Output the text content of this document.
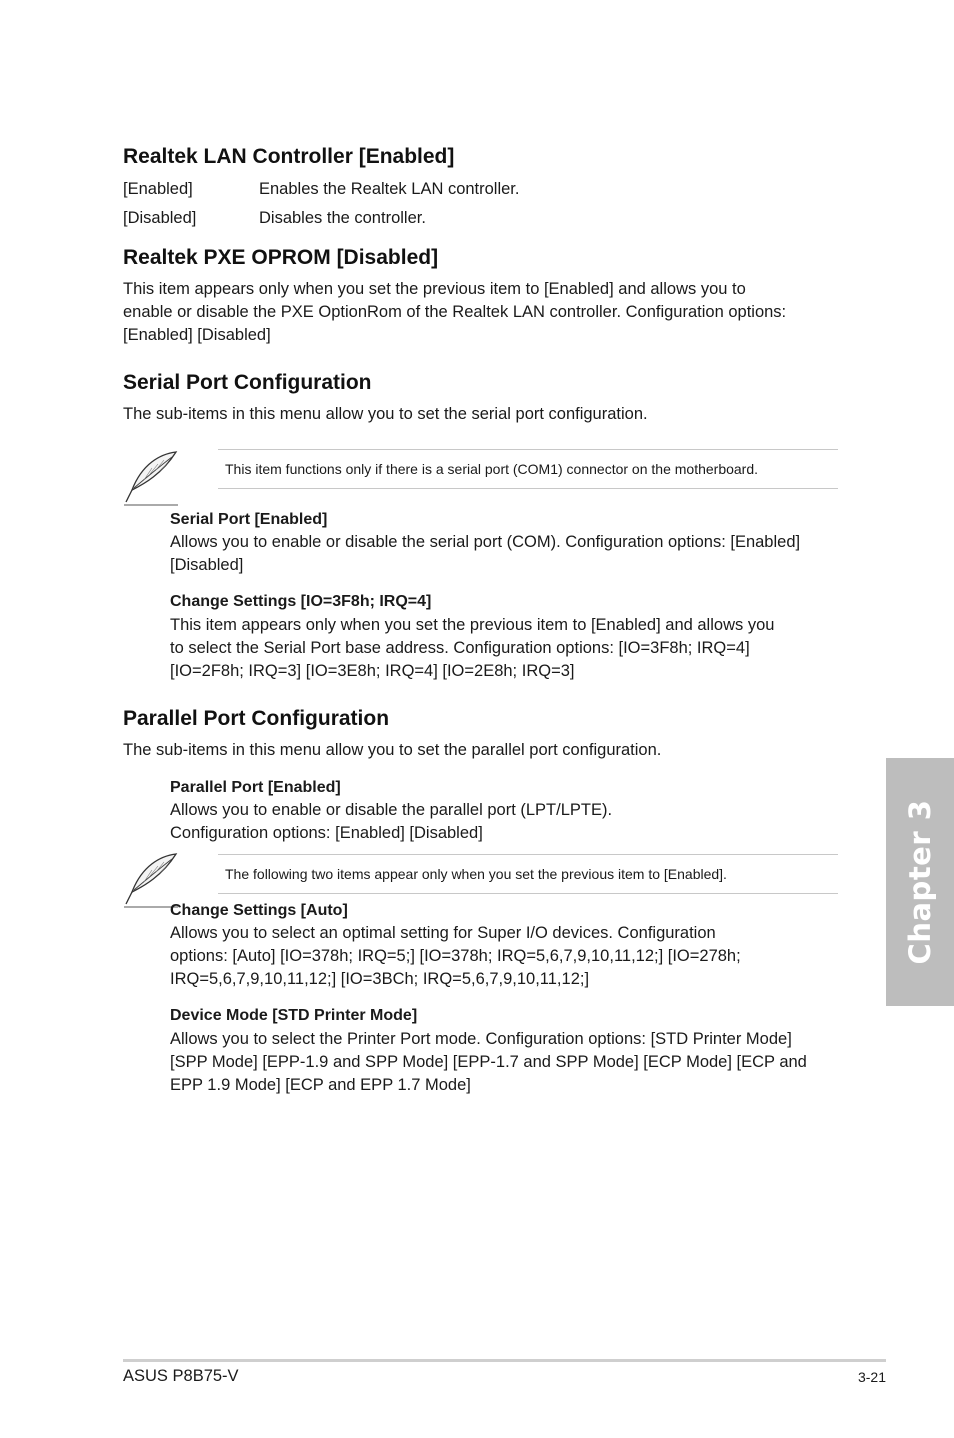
Realtek LAN Controller [Enabled]
[Enabled]	Enables the Realtek LAN controller.
[Disabled]	Disables the controller.
Realtek PXE OPROM [Disabled]
This item appears only when you set the previous item to [Enabled] and allows you to
enable or disable the PXE OptionRom of the Realtek LAN controller. Configuration options:
[Enabled] [Disabled]
Serial Port Configuration
The sub-items in this menu allow you to set the serial port configuration.
This item functions only if there is a serial port (COM1) connector on the motherboard.
Serial Port [Enabled]
Allows you to enable or disable the serial port (COM). Configuration options: [Enabled]
[Disabled]
Change Settings [IO=3F8h; IRQ=4]
This item appears only when you set the previous item to [Enabled] and allows you
to select the Serial Port base address. Configuration options: [IO=3F8h; IRQ=4]
[IO=2F8h; IRQ=3] [IO=3E8h; IRQ=4] [IO=2E8h; IRQ=3]
Parallel Port Configuration
The sub-items in this menu allow you to set the parallel port configuration.
Parallel Port [Enabled]
Allows you to enable or disable the parallel port (LPT/LPTE).
Configuration options: [Enabled] [Disabled]
The following two items appear only when you set the previous item to [Enabled].
Change Settings [Auto]
Allows you to select an optimal setting for Super I/O devices. Configuration
options: [Auto] [IO=378h; IRQ=5;] [IO=378h; IRQ=5,6,7,9,10,11,12;] [IO=278h;
IRQ=5,6,7,9,10,11,12;] [IO=3BCh; IRQ=5,6,7,9,10,11,12;]
Device Mode [STD Printer Mode]
Allows you to select the Printer Port mode. Configuration options: [STD Printer Mode]
[SPP Mode] [EPP-1.9 and SPP Mode] [EPP-1.7 and SPP Mode] [ECP Mode] [ECP and
EPP 1.9 Mode] [ECP and EPP 1.7 Mode]
Chapter 3
ASUS P8B75-V	3-21
